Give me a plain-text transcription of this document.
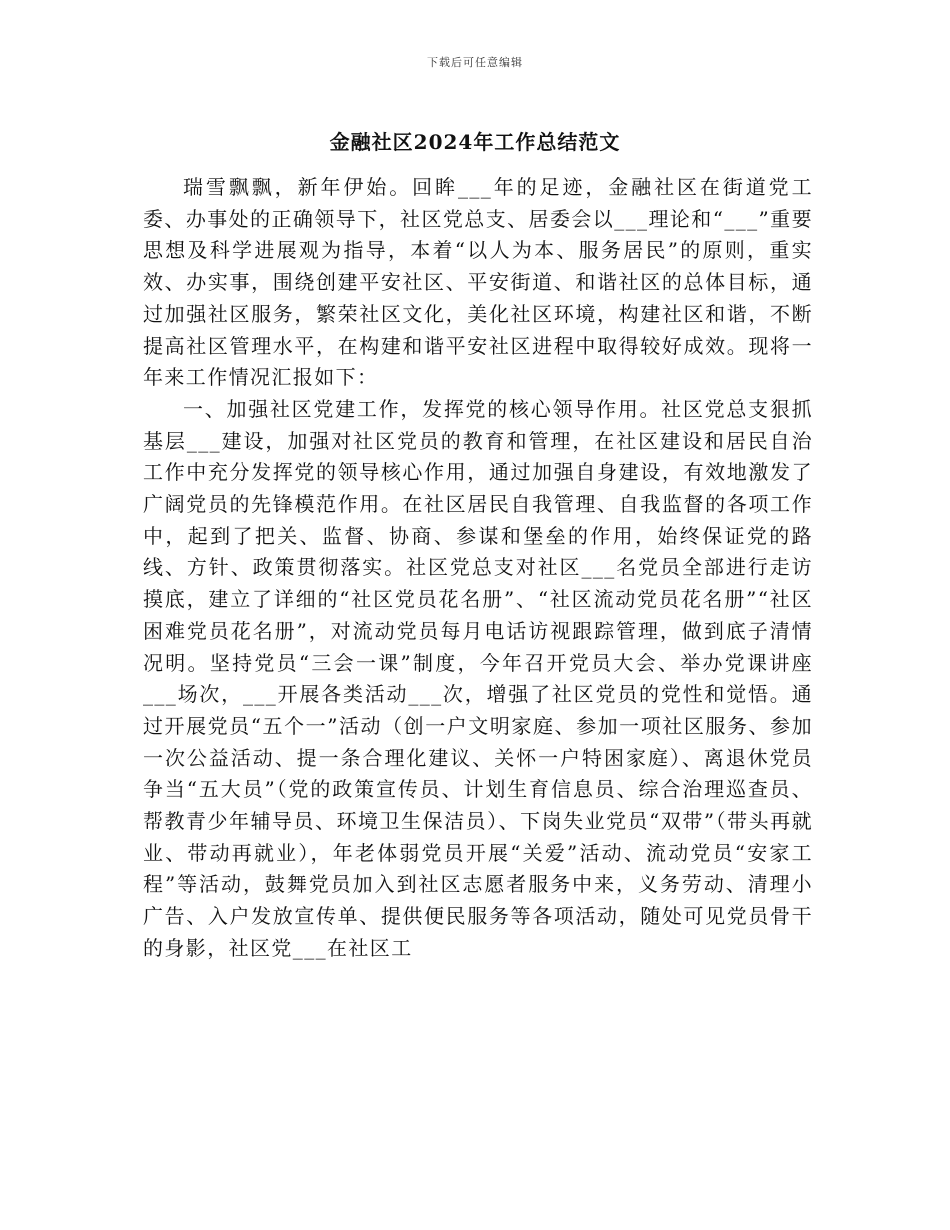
下载后可任意编辑
金融社区2024年工作总结范文

瑞雪飘飘，新年伊始。回眸___年的足迹，金融社区在街道党工委、办事处的正确领导下，社区党总支、居委会以___理论和“___”重要思想及科学进展观为指导，本着“以人为本、服务居民”的原则，重实效、办实事，围绕创建平安社区、平安街道、和谐社区的总体目标，通过加强社区服务，繁荣社区文化，美化社区环境，构建社区和谐，不断提高社区管理水平，在构建和谐平安社区进程中取得较好成效。现将一年来工作情况汇报如下：

一、加强社区党建工作，发挥党的核心领导作用。社区党总支狠抓基层___建设，加强对社区党员的教育和管理，在社区建设和居民自治工作中充分发挥党的领导核心作用，通过加强自身建设，有效地激发了广阔党员的先锋模范作用。在社区居民自我管理、自我监督的各项工作中，起到了把关、监督、协商、参谋和堡垒的作用，始终保证党的路线、方针、政策贯彻落实。社区党总支对社区___名党员全部进行走访摸底，建立了详细的“社区党员花名册”、“社区流动党员花名册”“社区困难党员花名册”，对流动党员每月电话访视跟踪管理，做到底子清情况明。坚持党员“三会一课”制度，今年召开党员大会、举办党课讲座___场次，___开展各类活动___次，增强了社区党员的党性和觉悟。通过开展党员“五个一”活动（创一户文明家庭、参加一项社区服务、参加一次公益活动、提一条合理化建议、关怀一户特困家庭）、离退休党员争当“五大员”（党的政策宣传员、计划生育信息员、综合治理巡查员、帮教青少年辅导员、环境卫生保洁员）、下岗失业党员“双带”（带头再就业、带动再就业），年老体弱党员开展“关爱”活动、流动党员“安家工程”等活动，鼓舞党员加入到社区志愿者服务中来，义务劳动、清理小广告、入户发放宣传单、提供便民服务等各项活动，随处可见党员骨干的身影，社区党___在社区工
